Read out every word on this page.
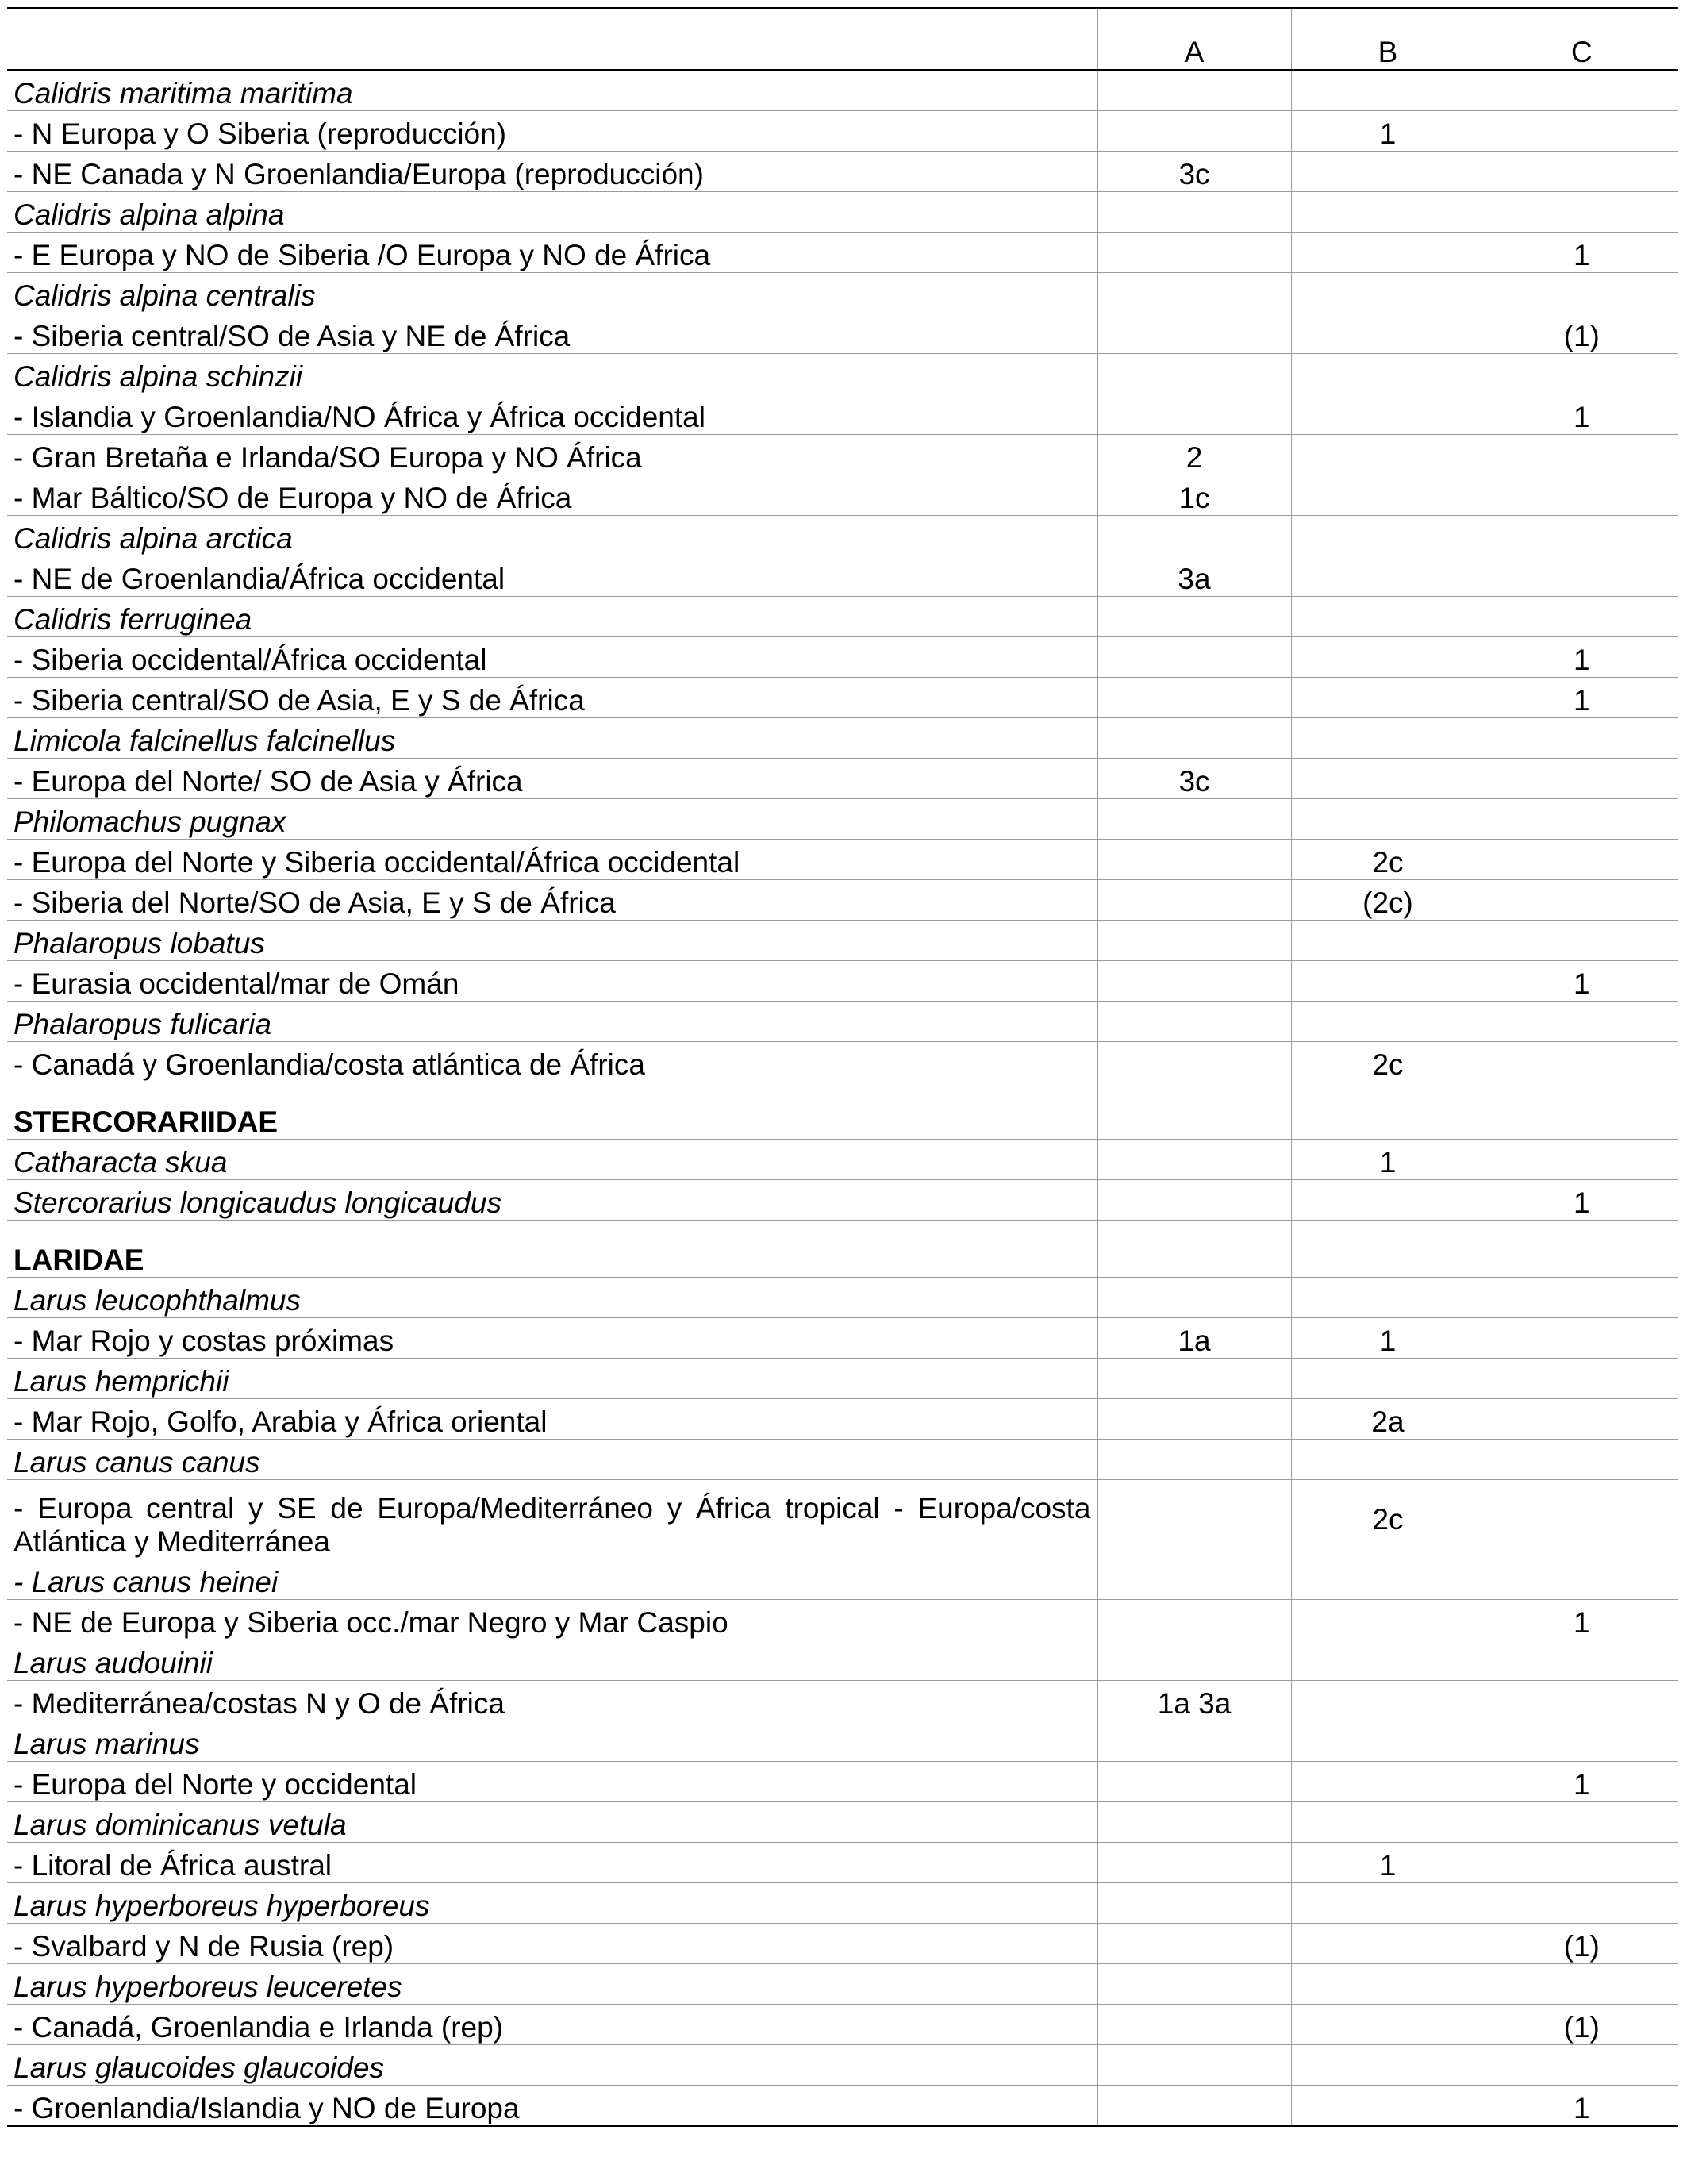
	A	B	C
Calidris maritima maritima			
- N Europa y O Siberia (reproducción)		1	
- NE Canada y N Groenlandia/Europa (reproducción)	3c		
Calidris alpina alpina			
- E Europa y NO de Siberia /O Europa y NO de África			1
Calidris alpina centralis			
- Siberia central/SO de Asia y NE de África			(1)
Calidris alpina schinzii			
- Islandia y Groenlandia/NO África y África occidental			1
- Gran Bretaña e Irlanda/SO Europa y NO África	2		
- Mar Báltico/SO de Europa y NO de África	1c		
Calidris alpina arctica			
- NE de Groenlandia/África occidental	3a		
Calidris ferruginea			
- Siberia occidental/África occidental			1
- Siberia central/SO de Asia, E y S de África			1
Limicola falcinellus falcinellus			
- Europa del Norte/ SO de Asia y África	3c		
Philomachus pugnax			
- Europa del Norte y Siberia occidental/África occidental		2c	
- Siberia del Norte/SO de Asia, E y S de África		(2c)	
Phalaropus lobatus			
- Eurasia occidental/mar de Omán			1
Phalaropus fulicaria			
- Canadá y Groenlandia/costa atlántica de África		2c	
STERCORARIIDAE			
Catharacta skua		1	
Stercorarius longicaudus longicaudus			1
LARIDAE			
Larus leucophthalmus			
- Mar Rojo y costas próximas	1a	1	
Larus hemprichii			
- Mar Rojo, Golfo, Arabia y África oriental		2a	
Larus canus canus			
- Europa central y SE de Europa/Mediterráneo y África tropical - Europa/costa Atlántica y Mediterránea		2c	
- Larus canus heinei			
- NE de Europa y Siberia occ./mar Negro y Mar Caspio			1
Larus audouinii			
- Mediterránea/costas N y O de África	1a 3a		
Larus marinus			
- Europa del Norte y occidental			1
Larus dominicanus vetula			
- Litoral de África austral		1	
Larus hyperboreus hyperboreus			
- Svalbard y N de Rusia (rep)			(1)
Larus hyperboreus leuceretes			
- Canadá, Groenlandia e Irlanda (rep)			(1)
Larus glaucoides glaucoides			
- Groenlandia/Islandia y NO de Europa			1
